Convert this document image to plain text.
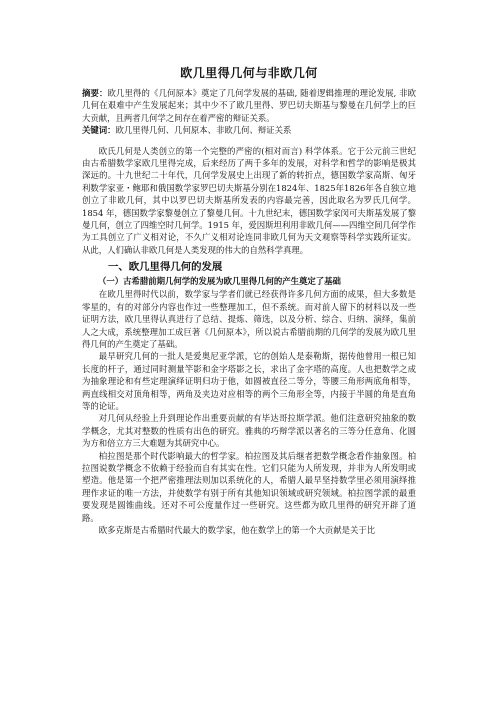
欧几里得几何与非欧几何

摘要：欧几里得的《几何原本》奠定了几何学发展的基础, 随着逻辑推理的理论发展, 非欧几何在艰难中产生发展起来；其中少不了欧几里得、罗巴切夫斯基与黎曼在几何学上的巨大贡献，且两者几何学之间存在着严密的辩证关系。

关键词：欧几里得几何、几何原本、非欧几何、辩证关系

欧氏几何是人类创立的第一个完整的严密的(相对而言) 科学体系。它于公元前三世纪由古希腊数学家欧几里得完成，后来经历了两千多年的发展，对科学和哲学的影响是极其深远的。十九世纪二十年代，几何学发展史上出现了新的转折点，德国数学家高斯、匈牙利数学家亚・鲍耶和俄国数学家罗巴切夫斯基分别在1824年、1825年1826年各自独立地创立了非欧几何，其中以罗巴切夫斯基所发表的内容最完善，因此取名为罗氏几何学。1854 年，德国数学家黎曼创立了黎曼几何。十九世纪末，德国数学家闵可夫斯基发展了黎曼几何，创立了四维空时几何学。1915 年，爱因斯坦利用非欧几何——四维空间几何学作为工具创立了广义相对论，不久广义相对论连同非欧几何为天文观察等科学实践所证实。从此，人们确认非欧几何是人类发现的伟大的自然科学真理。

一、欧几里得几何的发展
（一）古希腊前期几何学的发展为欧几里得几何的产生奠定了基础

在欧几里得时代以前，数学家与学者们就已经获得许多几何方面的成果，但大多数是零星的，有的对部分内容也作过一些整理加工，但不系统。而对前人留下的材料以及一些证明方法，欧几里得认真进行了总结、提炼、筛选，以及分析、综合、归纳、演绎，集前人之大成，系统整理加工成巨著《几何原本》，所以说古希腊前期的几何学的发展为欧几里得几何的产生奠定了基础。

最早研究几何的一批人是爱奥尼亚学派，它的创始人是泰勒斯，据传他曾用一根已知长度的杆子，通过同时测量竿影和金字塔影之长，求出了金字塔的高度。人也把数学之成为抽象理论和有些定理演绎证明归功于他，如圆被直径二等分，等腰三角形两底角相等，两直线相交对顶角相等，两角及夹边对应相等的两个三角形全等，内接于半圆的角是直角等的论证。

对几何从经验上升到理论作出重要贡献的有毕达哥拉斯学派。他们注意研究抽象的数学概念，尤其对整数的性质有出色的研究。雅典的巧辩学派以著名的三等分任意角、化圆为方和倍立方三大难题为其研究中心。

柏拉图是那个时代影响最大的哲学家。柏拉图及其后继者把数学概念看作抽象图。柏拉图说数学概念不依赖于经验而自有其实在性。它们只能为人所发现，并非为人所发明或塑造。他是第一个把严密推理法则加以系统化的人，希腊人最早坚持数学里必须用演绎推理作求证的唯一方法，并使数学有别于所有其他知识领域或研究领域。柏拉图学派的最重要发现是圆锥曲线。还对不可公度量作过一些研究。这些都为欧几里得的研究开辟了道路。

欧多克斯是古希腊时代最大的数学家，他在数学上的第一个大贡献是关于比
